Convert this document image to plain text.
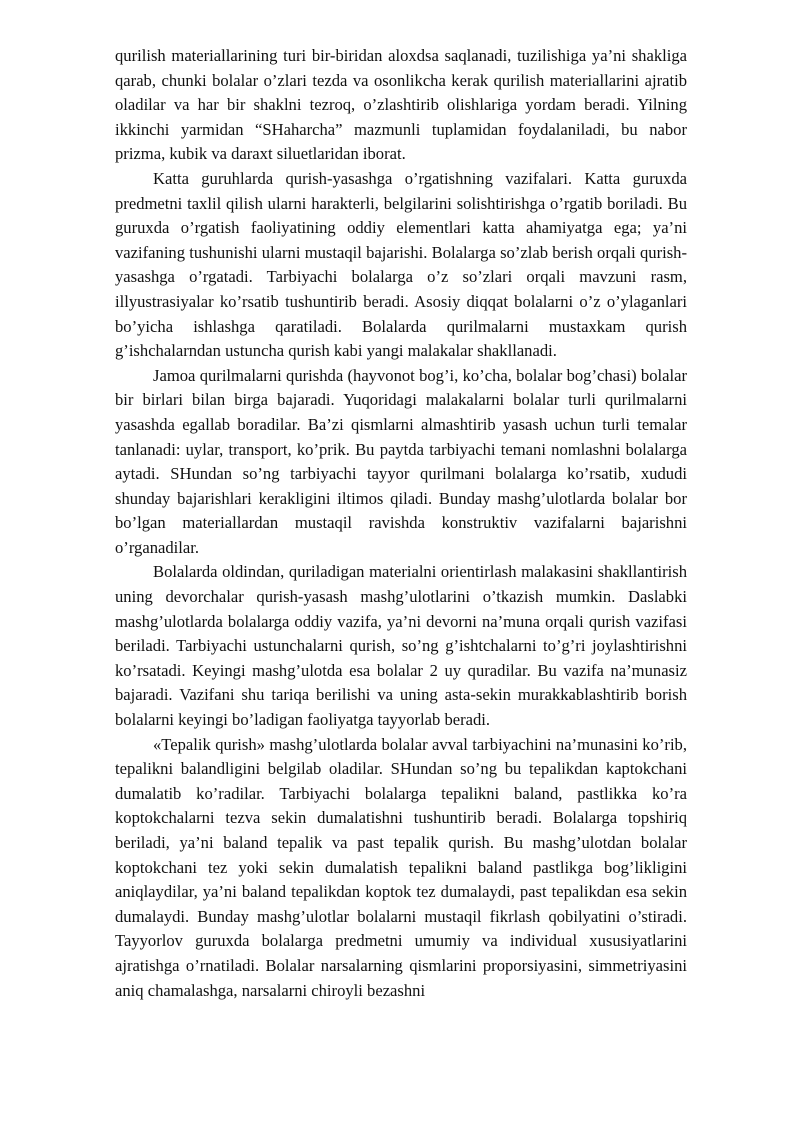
qurilish materiallarining turi bir-biridan aloxdsa saqlanadi, tuzilishiga ya’ni shakliga qarab, chunki bolalar o’zlari tezda va osonlikcha kerak qurilish materiallarini ajratib oladilar va har bir shaklni tezroq, o’zlashtirib olishlariga yordam beradi. Yilning ikkinchi yarmidan “SHaharcha” mazmunli tuplamidan foydalaniladi, bu nabor prizma, kubik va daraxt siluetlaridan iborat.

Katta guruhlarda qurish-yasashga o’rgatishning vazifalari. Katta guruxda predmetni taxlil qilish ularni harakterli, belgilarini solishtirishga o’rgatib boriladi. Bu guruxda o’rgatish faoliyatining oddiy elementlari katta ahamiyatga ega; ya’ni vazifaning tushunishi ularni mustaqil bajarishi. Bolalarga so’zlab berish orqali qurish-yasashga o’rgatadi. Tarbiyachi bolalarga o’z so’zlari orqali mavzuni rasm, illyustrasiyalar ko’rsatib tushuntirib beradi. Asosiy diqqat bolalarni o’z o’ylaganlari bo’yicha ishlashga qaratiladi. Bolalarda qurilmalarni mustaxkam qurish g’ishchalarndan ustuncha qurish kabi yangi malakalar shakllanadi.

Jamoa qurilmalarni qurishda (hayvonot bog’i, ko’cha, bolalar bog’chasi) bolalar bir birlari bilan birga bajaradi. Yuqoridagi malakalarni bolalar turli qurilmalarni yasashda egallab boradilar. Ba’zi qismlarni almashtirib yasash uchun turli temalar tanlanadi: uylar, transport, ko’prik. Bu paytda tarbiyachi temani nomlashni bolalarga aytadi. SHundan so’ng tarbiyachi tayyor qurilmani bolalarga ko’rsatib, xududi shunday bajarishlari kerakligini iltimos qiladi. Bunday mashg’ulotlarda bolalar bor bo’lgan materiallardan mustaqil ravishda konstruktiv vazifalarni bajarishni o’rganadilar.

Bolalarda oldindan, quriladigan materialni orientirlash malakasini shakllantirish uning devorchalar qurish-yasash mashg’ulotlarini o’tkazish mumkin. Daslabki mashg’ulotlarda bolalarga oddiy vazifa, ya’ni devorni na’muna orqali qurish vazifasi beriladi. Tarbiyachi ustunchalarni qurish, so’ng g’ishtchalarni to’g’ri joylashtirishni ko’rsatadi. Keyingi mashg’ulotda esa bolalar 2 uy quradilar. Bu vazifa na’munasiz bajaradi. Vazifani shu tariqa berilishi va uning asta-sekin murakkablashtirib borish bolalarni keyingi bo’ladigan faoliyatga tayyorlab beradi.

«Tepalik qurish» mashg’ulotlarda bolalar avval tarbiyachini na’munasini ko’rib, tepalikni balandligini belgilab oladilar. SHundan so’ng bu tepalikdan kaptokchani dumalatib ko’radilar. Tarbiyachi bolalarga tepalikni baland, pastlikka ko’ra koptokchalarni tezva sekin dumalatishni tushuntirib beradi. Bolalarga topshiriq beriladi, ya’ni baland tepalik va past tepalik qurish. Bu mashg’ulotdan bolalar koptokchani tez yoki sekin dumalatish tepalikni baland pastlikga bog’likligini aniqlaydilar, ya’ni baland tepalikdan koptok tez dumalaydi, past tepalikdan esa sekin dumalaydi. Bunday mashg’ulotlar bolalarni mustaqil fikrlash qobilyatini o’stiradi. Tayyorlov guruxda bolalarga predmetni umumiy va individual xususiyatlarini ajratishga o’rnatiladi. Bolalar narsalarning qismlarini proporsiyasini, simmetriyasini aniq chamalashga, narsalarni chiroyli bezashni
